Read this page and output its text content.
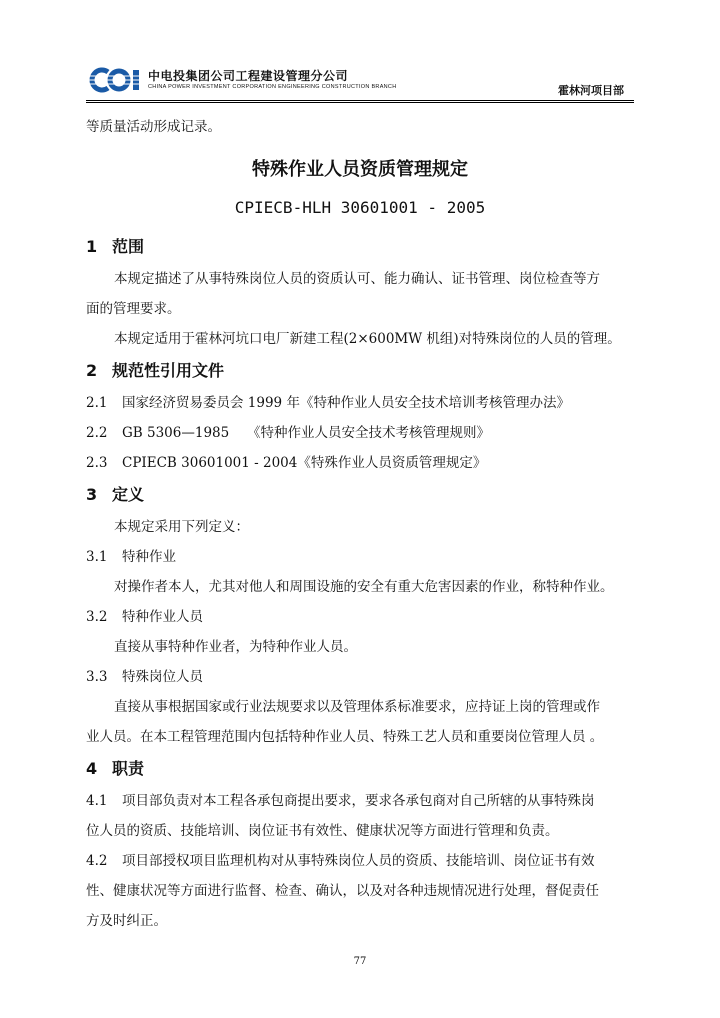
中电投集团公司工程建设管理分公司
CHINA POWER INVESTMENT CORPORATION ENGINEERING CONSTRUCTION BRANCH	霍林河项目部
等质量活动形成记录。
特殊作业人员资质管理规定
CPIECB-HLH 30601001 - 2005
1 范围
本规定描述了从事特殊岗位人员的资质认可、能力确认、证书管理、岗位检查等方
面的管理要求。
本规定适用于霍林河坑口电厂新建工程(2×600MW 机组)对特殊岗位的人员的管理。
2 规范性引用文件
2.1 国家经济贸易委员会 1999 年《特种作业人员安全技术培训考核管理办法》
2.2 GB 5306—1985　 《特种作业人员安全技术考核管理规则》
2.3 CPIECB 30601001 - 2004《特殊作业人员资质管理规定》
3 定义
本规定采用下列定义：
3.1 特种作业
对操作者本人，尤其对他人和周围设施的安全有重大危害因素的作业，称特种作业。
3.2 特种作业人员
直接从事特种作业者，为特种作业人员。
3.3 特殊岗位人员
直接从事根据国家或行业法规要求以及管理体系标准要求，应持证上岗的管理或作
业人员。在本工程管理范围内包括特种作业人员、特殊工艺人员和重要岗位管理人员 。
4 职责
4.1 项目部负责对本工程各承包商提出要求，要求各承包商对自己所辖的从事特殊岗
位人员的资质、技能培训、岗位证书有效性、健康状况等方面进行管理和负责。
4.2 项目部授权项目监理机构对从事特殊岗位人员的资质、技能培训、岗位证书有效
性、健康状况等方面进行监督、检查、确认，以及对各种违规情况进行处理，督促责任
方及时纠正。
77
